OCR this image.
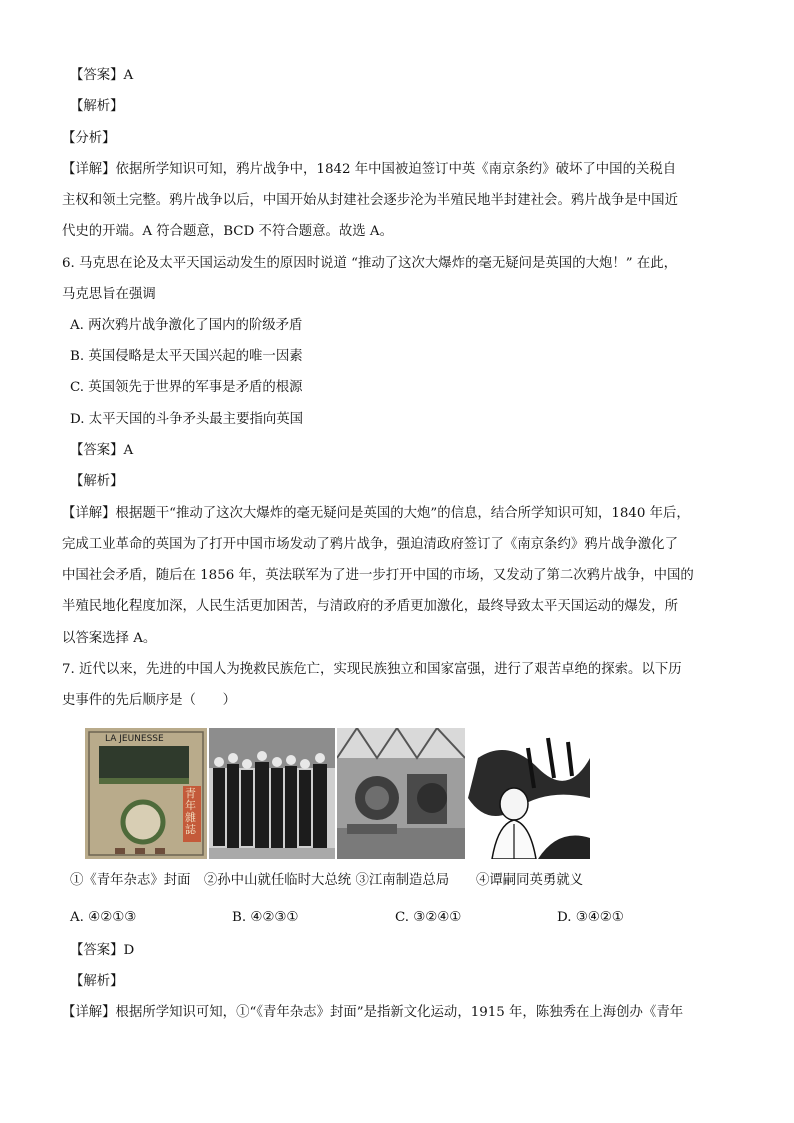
【答案】A
【解析】
【分析】
【详解】依据所学知识可知，鸦片战争中，1842 年中国被迫签订中英《南京条约》破坏了中国的关税自
主权和领土完整。鸦片战争以后，中国开始从封建社会逐步沦为半殖民地半封建社会。鸦片战争是中国近
代史的开端。A 符合题意，BCD 不符合题意。故选 A。
6. 马克思在论及太平天国运动发生的原因时说道 “推动了这次大爆炸的毫无疑问是英国的大炮！” 在此，
马克思旨在强调
A. 两次鸦片战争激化了国内的阶级矛盾
B. 英国侵略是太平天国兴起的唯一因素
C. 英国领先于世界的军事是矛盾的根源
D. 太平天国的斗争矛头最主要指向英国
【答案】A
【解析】
【详解】根据题干“推动了这次大爆炸的毫无疑问是英国的大炮”的信息，结合所学知识可知，1840 年后，
完成工业革命的英国为了打开中国市场发动了鸦片战争，强迫清政府签订了《南京条约》鸦片战争激化了
中国社会矛盾，随后在 1856 年，英法联军为了进一步打开中国的市场，又发动了第二次鸦片战争，中国的
半殖民地化程度加深，人民生活更加困苦，与清政府的矛盾更加激化，最终导致太平天国运动的爆发，所
以答案选择 A。
7. 近代以来，先进的中国人为挽救民族危亡，实现民族独立和国家富强，进行了艰苦卓绝的探索。以下历
史事件的先后顺序是（　　）
LA JEUNESSE
青年雜誌
①《青年杂志》封面　②孙中山就任临时大总统 ③江南制造总局　　④谭嗣同英勇就义
A. ④②①③	B. ④②③①	C. ③②④①	D. ③④②①
【答案】D
【解析】
【详解】根据所学知识可知，①“《青年杂志》封面”是指新文化运动，1915 年，陈独秀在上海创办《青年
